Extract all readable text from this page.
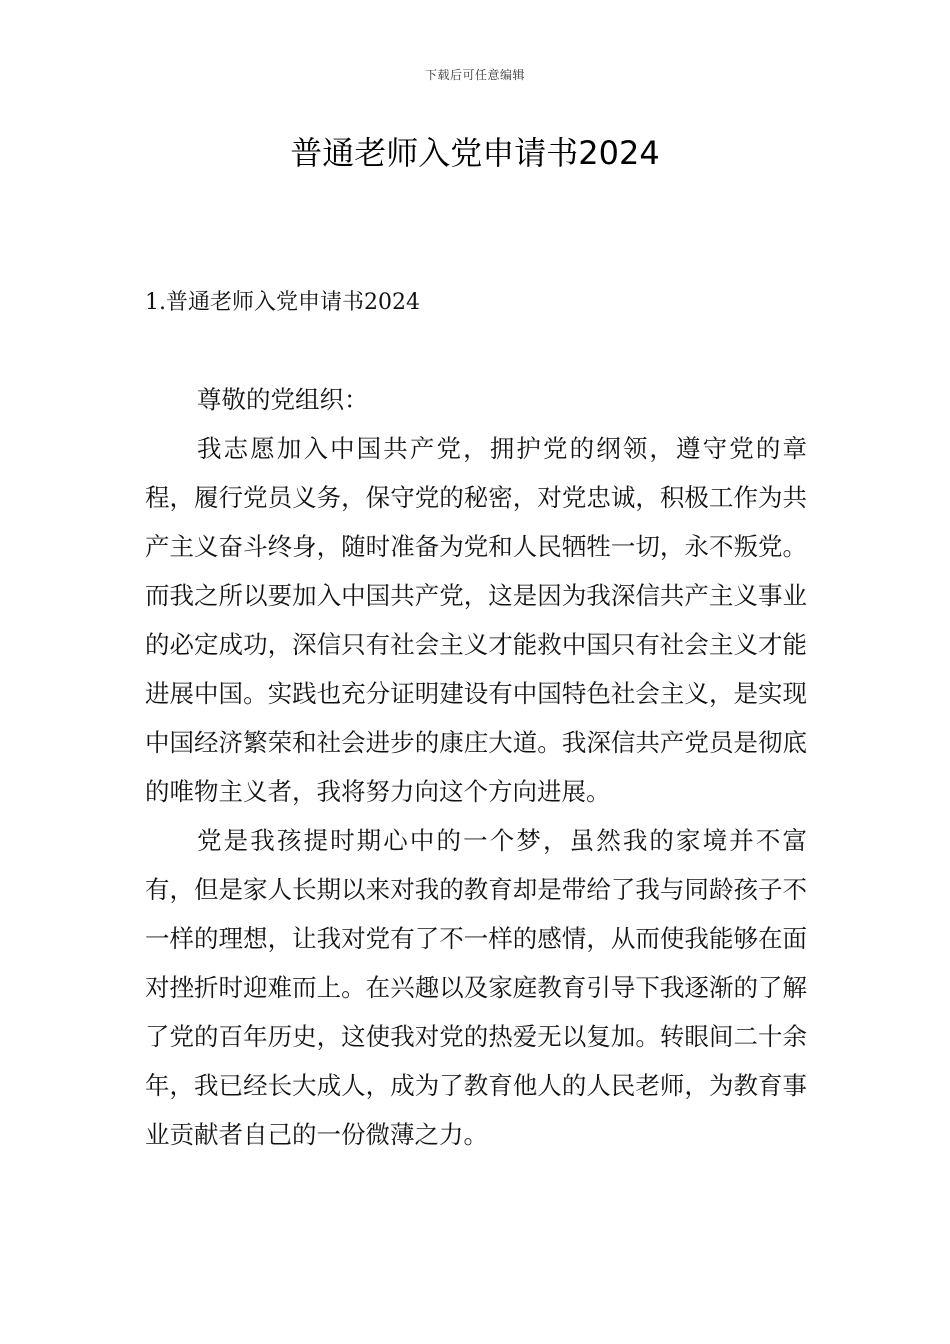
下载后可任意编辑
普通老师入党申请书2024
1.普通老师入党申请书2024

尊敬的党组织：

我志愿加入中国共产党，拥护党的纲领，遵守党的章程，履行党员义务，保守党的秘密，对党忠诚，积极工作为共产主义奋斗终身，随时准备为党和人民牺牲一切，永不叛党。而我之所以要加入中国共产党，这是因为我深信共产主义事业的必定成功，深信只有社会主义才能救中国只有社会主义才能进展中国。实践也充分证明建设有中国特色社会主义，是实现中国经济繁荣和社会进步的康庄大道。我深信共产党员是彻底的唯物主义者，我将努力向这个方向进展。

党是我孩提时期心中的一个梦，虽然我的家境并不富有，但是家人长期以来对我的教育却是带给了我与同龄孩子不一样的理想，让我对党有了不一样的感情，从而使我能够在面对挫折时迎难而上。在兴趣以及家庭教育引导下我逐渐的了解了党的百年历史，这使我对党的热爱无以复加。转眼间二十余年，我已经长大成人，成为了教育他人的人民老师，为教育事业贡献者自己的一份微薄之力。
